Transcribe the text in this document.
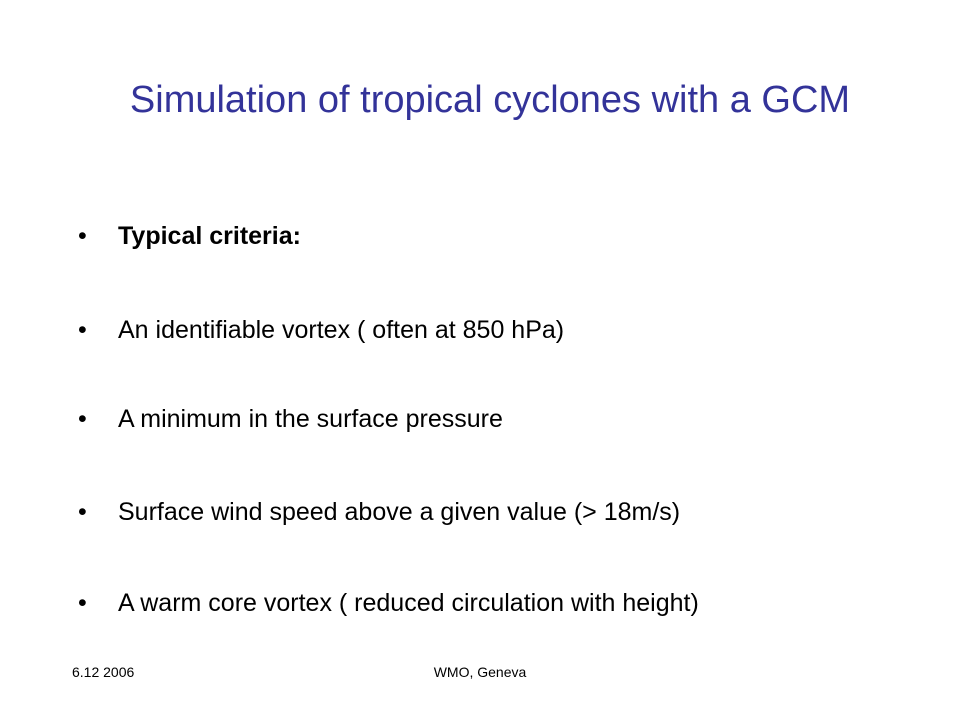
Simulation of tropical cyclones with a GCM
•	Typical criteria:
•	An identifiable vortex ( often at 850 hPa)
•	A minimum in the surface pressure
•	Surface wind speed above a given value (> 18m/s)
•	A warm core vortex ( reduced circulation with height)
6.12 2006	WMO, Geneva
